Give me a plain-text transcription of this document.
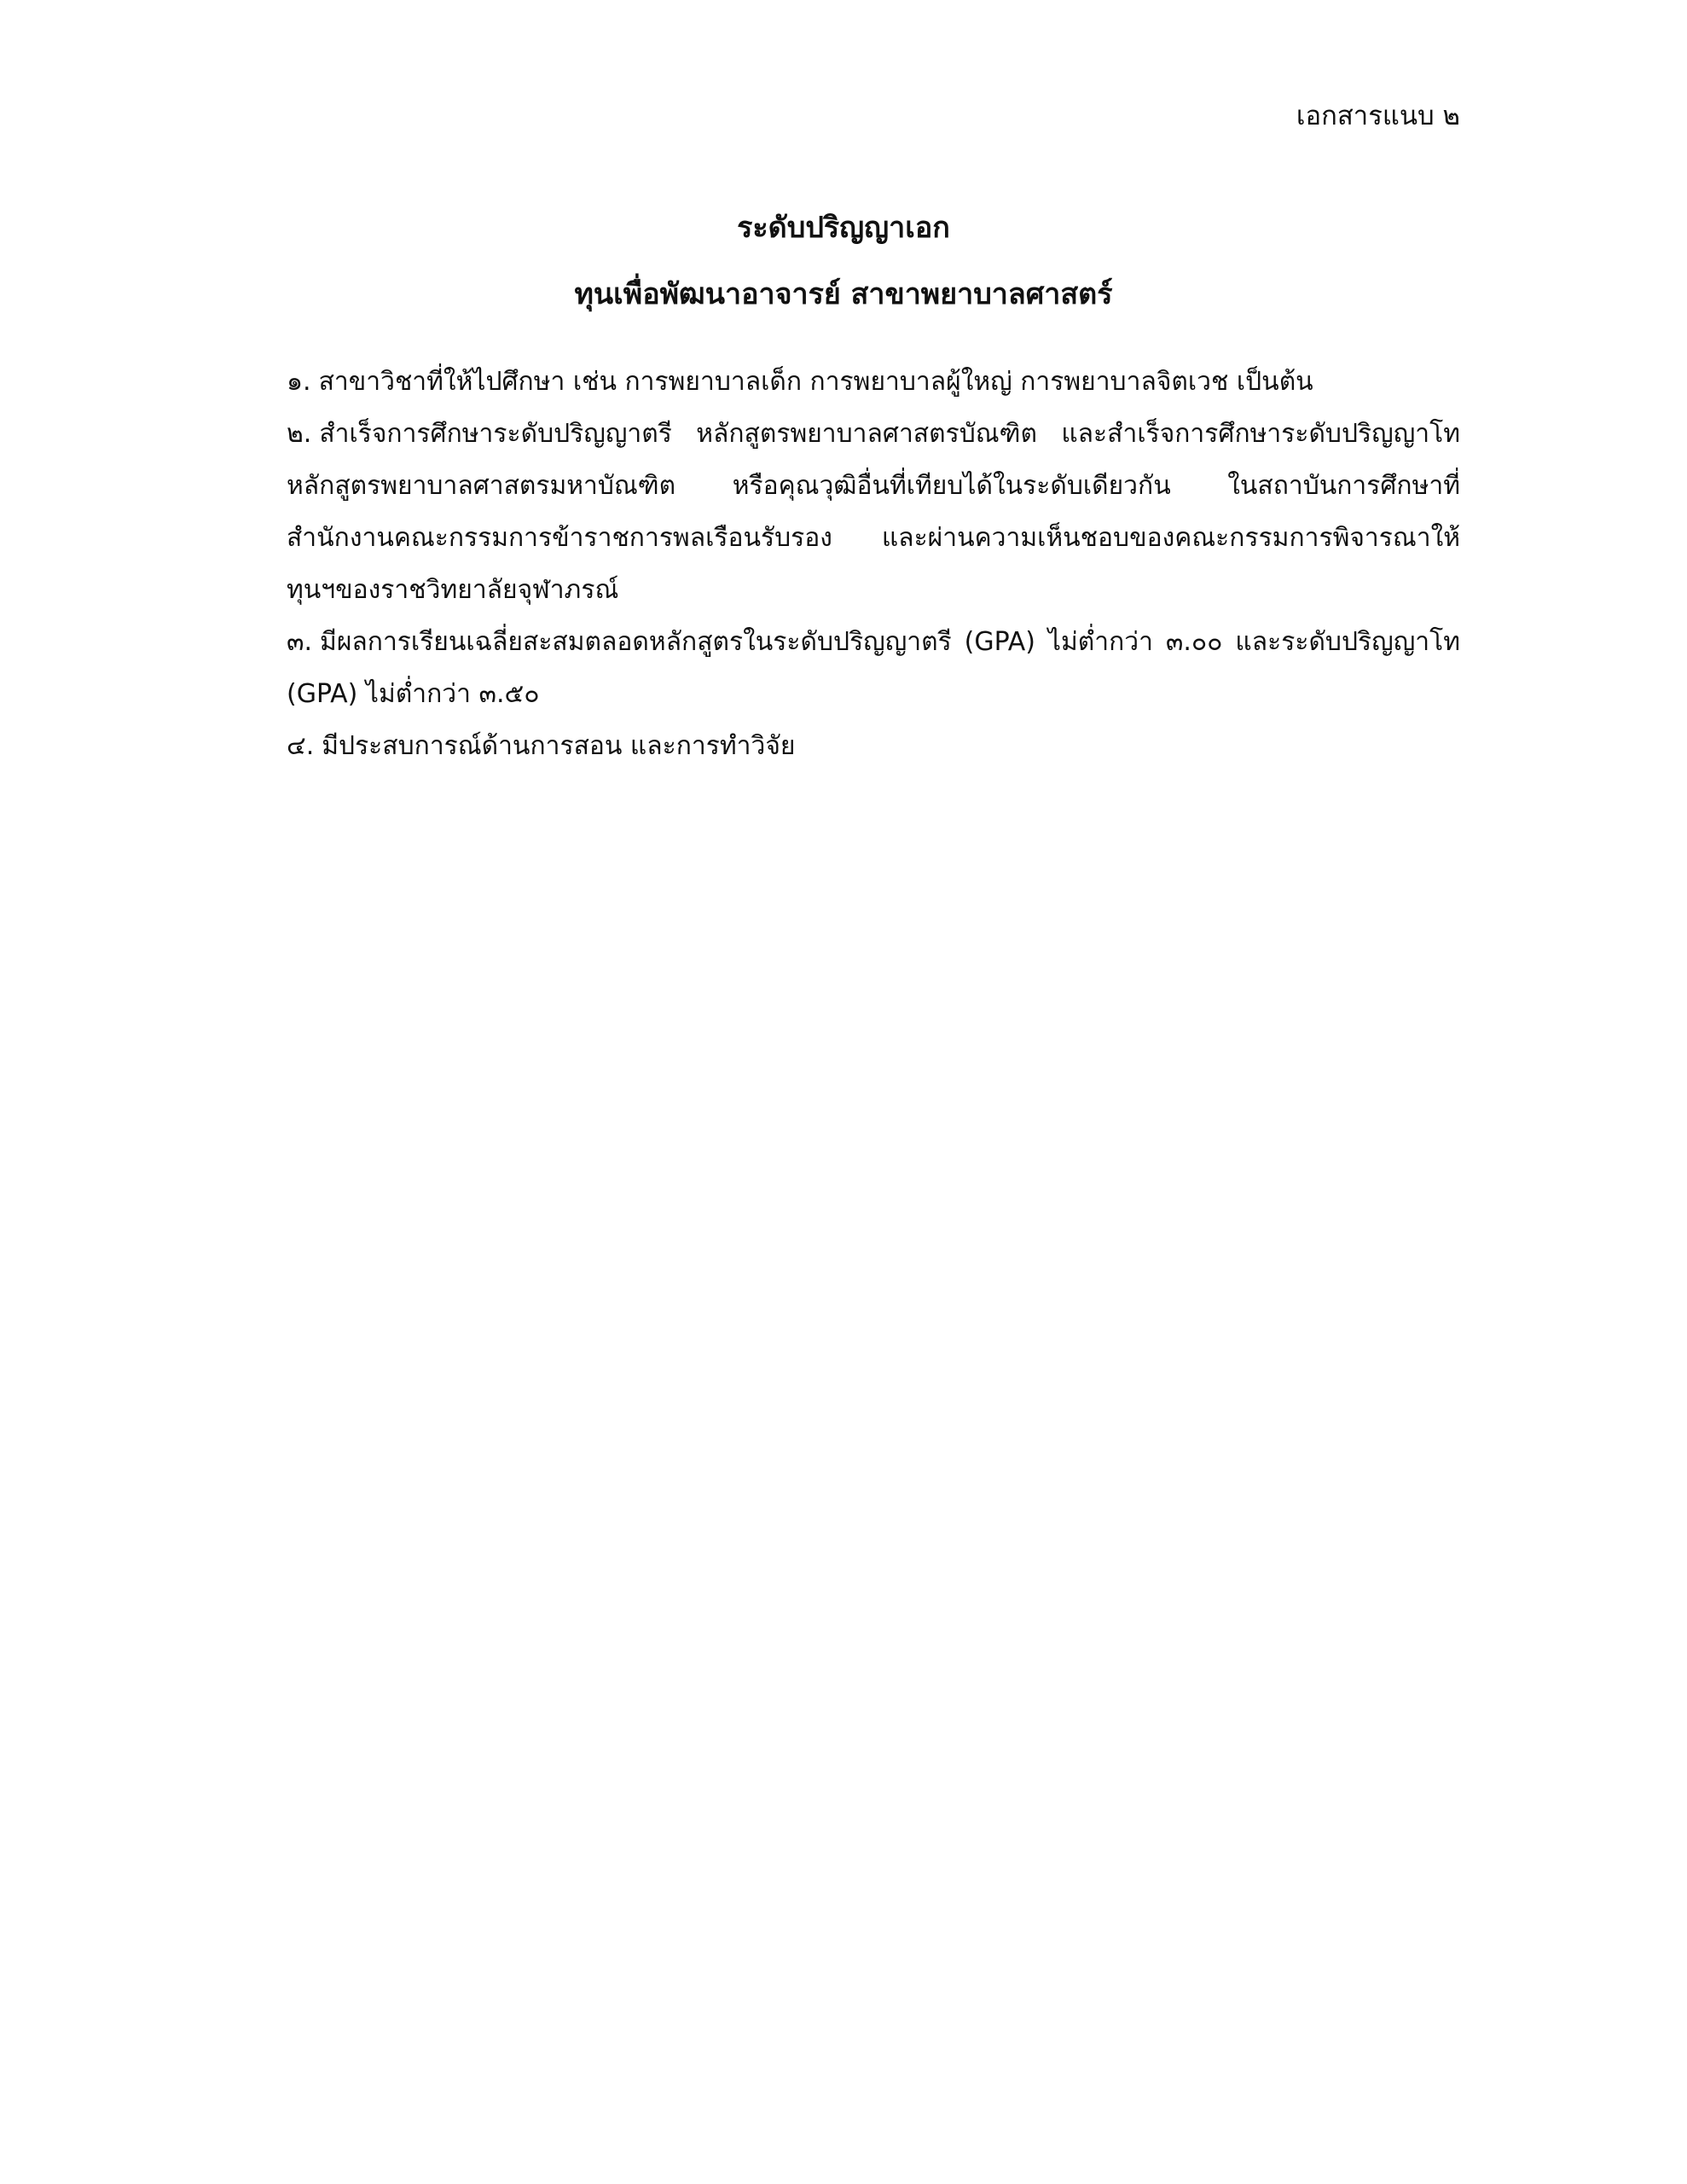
เอกสารแนบ ๒
ระดับปริญญาเอก
ทุนเพื่อพัฒนาอาจารย์ สาขาพยาบาลศาสตร์

๑. สาขาวิชาที่ให้ไปศึกษา เช่น การพยาบาลเด็ก การพยาบาลผู้ใหญ่ การพยาบาลจิตเวช เป็นต้น

๒. สำเร็จการศึกษาระดับปริญญาตรี หลักสูตรพยาบาลศาสตรบัณฑิต และสำเร็จการศึกษาระดับปริญญาโท หลักสูตรพยาบาลศาสตรมหาบัณฑิต หรือคุณวุฒิอื่นที่เทียบได้ในระดับเดียวกัน ในสถาบันการศึกษาที่สำนักงานคณะกรรมการข้าราชการพลเรือนรับรอง และผ่านความเห็นชอบของคณะกรรมการพิจารณาให้ทุนฯของราชวิทยาลัยจุฬาภรณ์

๓. มีผลการเรียนเฉลี่ยสะสมตลอดหลักสูตรในระดับปริญญาตรี (GPA) ไม่ต่ำกว่า ๓.๐๐ และระดับปริญญาโท (GPA) ไม่ต่ำกว่า ๓.๕๐

๔. มีประสบการณ์ด้านการสอน และการทำวิจัย
